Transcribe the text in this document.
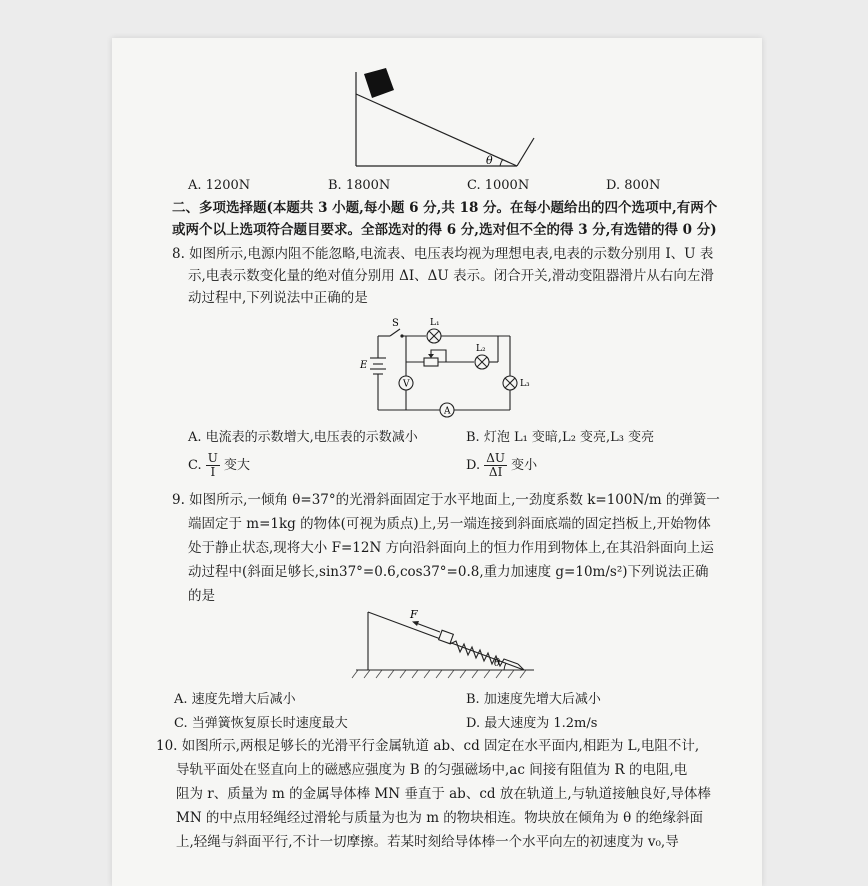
θ
A. 1200N	B. 1800N	C. 1000N	D. 800N
二、多项选择题(本题共 3 小题,每小题 6 分,共 18 分。在每小题给出的四个选项中,有两个
或两个以上选项符合题目要求。全部选对的得 6 分,选对但不全的得 3 分,有选错的得 0 分)
8. 如图所示,电源内阻不能忽略,电流表、电压表均视为理想电表,电表的示数分别用 I、U 表
示,电表示数变化量的绝对值分别用 ΔI、ΔU 表示。闭合开关,滑动变阻器滑片从右向左滑
动过程中,下列说法中正确的是
S
E
L₁
L₂
L₃
V
A
A. 电流表的示数增大,电压表的示数减小	B. 灯泡 L₁ 变暗,L₂ 变亮,L₃ 变亮
C. $\frac{U}{I}$ 变大	D. $\frac{\Delta U}{\Delta I}$ 变小
9. 如图所示,一倾角 θ=37°的光滑斜面固定于水平地面上,一劲度系数 k=100N/m 的弹簧一
端固定于 m=1kg 的物体(可视为质点)上,另一端连接到斜面底端的固定挡板上,开始物体
处于静止状态,现将大小 F=12N 方向沿斜面向上的恒力作用到物体上,在其沿斜面向上运
动过程中(斜面足够长,sin37°=0.6,cos37°=0.8,重力加速度 g=10m/s²)下列说法正确
的是
F
θ
A. 速度先增大后减小	B. 加速度先增大后减小
C. 当弹簧恢复原长时速度最大	D. 最大速度为 1.2m/s
10. 如图所示,两根足够长的光滑平行金属轨道 ab、cd 固定在水平面内,相距为 L,电阻不计,
导轨平面处在竖直向上的磁感应强度为 B 的匀强磁场中,ac 间接有阻值为 R 的电阻,电
阻为 r、质量为 m 的金属导体棒 MN 垂直于 ab、cd 放在轨道上,与轨道接触良好,导体棒
MN 的中点用轻绳经过滑轮与质量为也为 m 的物块相连。物块放在倾角为 θ 的绝缘斜面
上,轻绳与斜面平行,不计一切摩擦。若某时刻给导体棒一个水平向左的初速度为 v₀,导
